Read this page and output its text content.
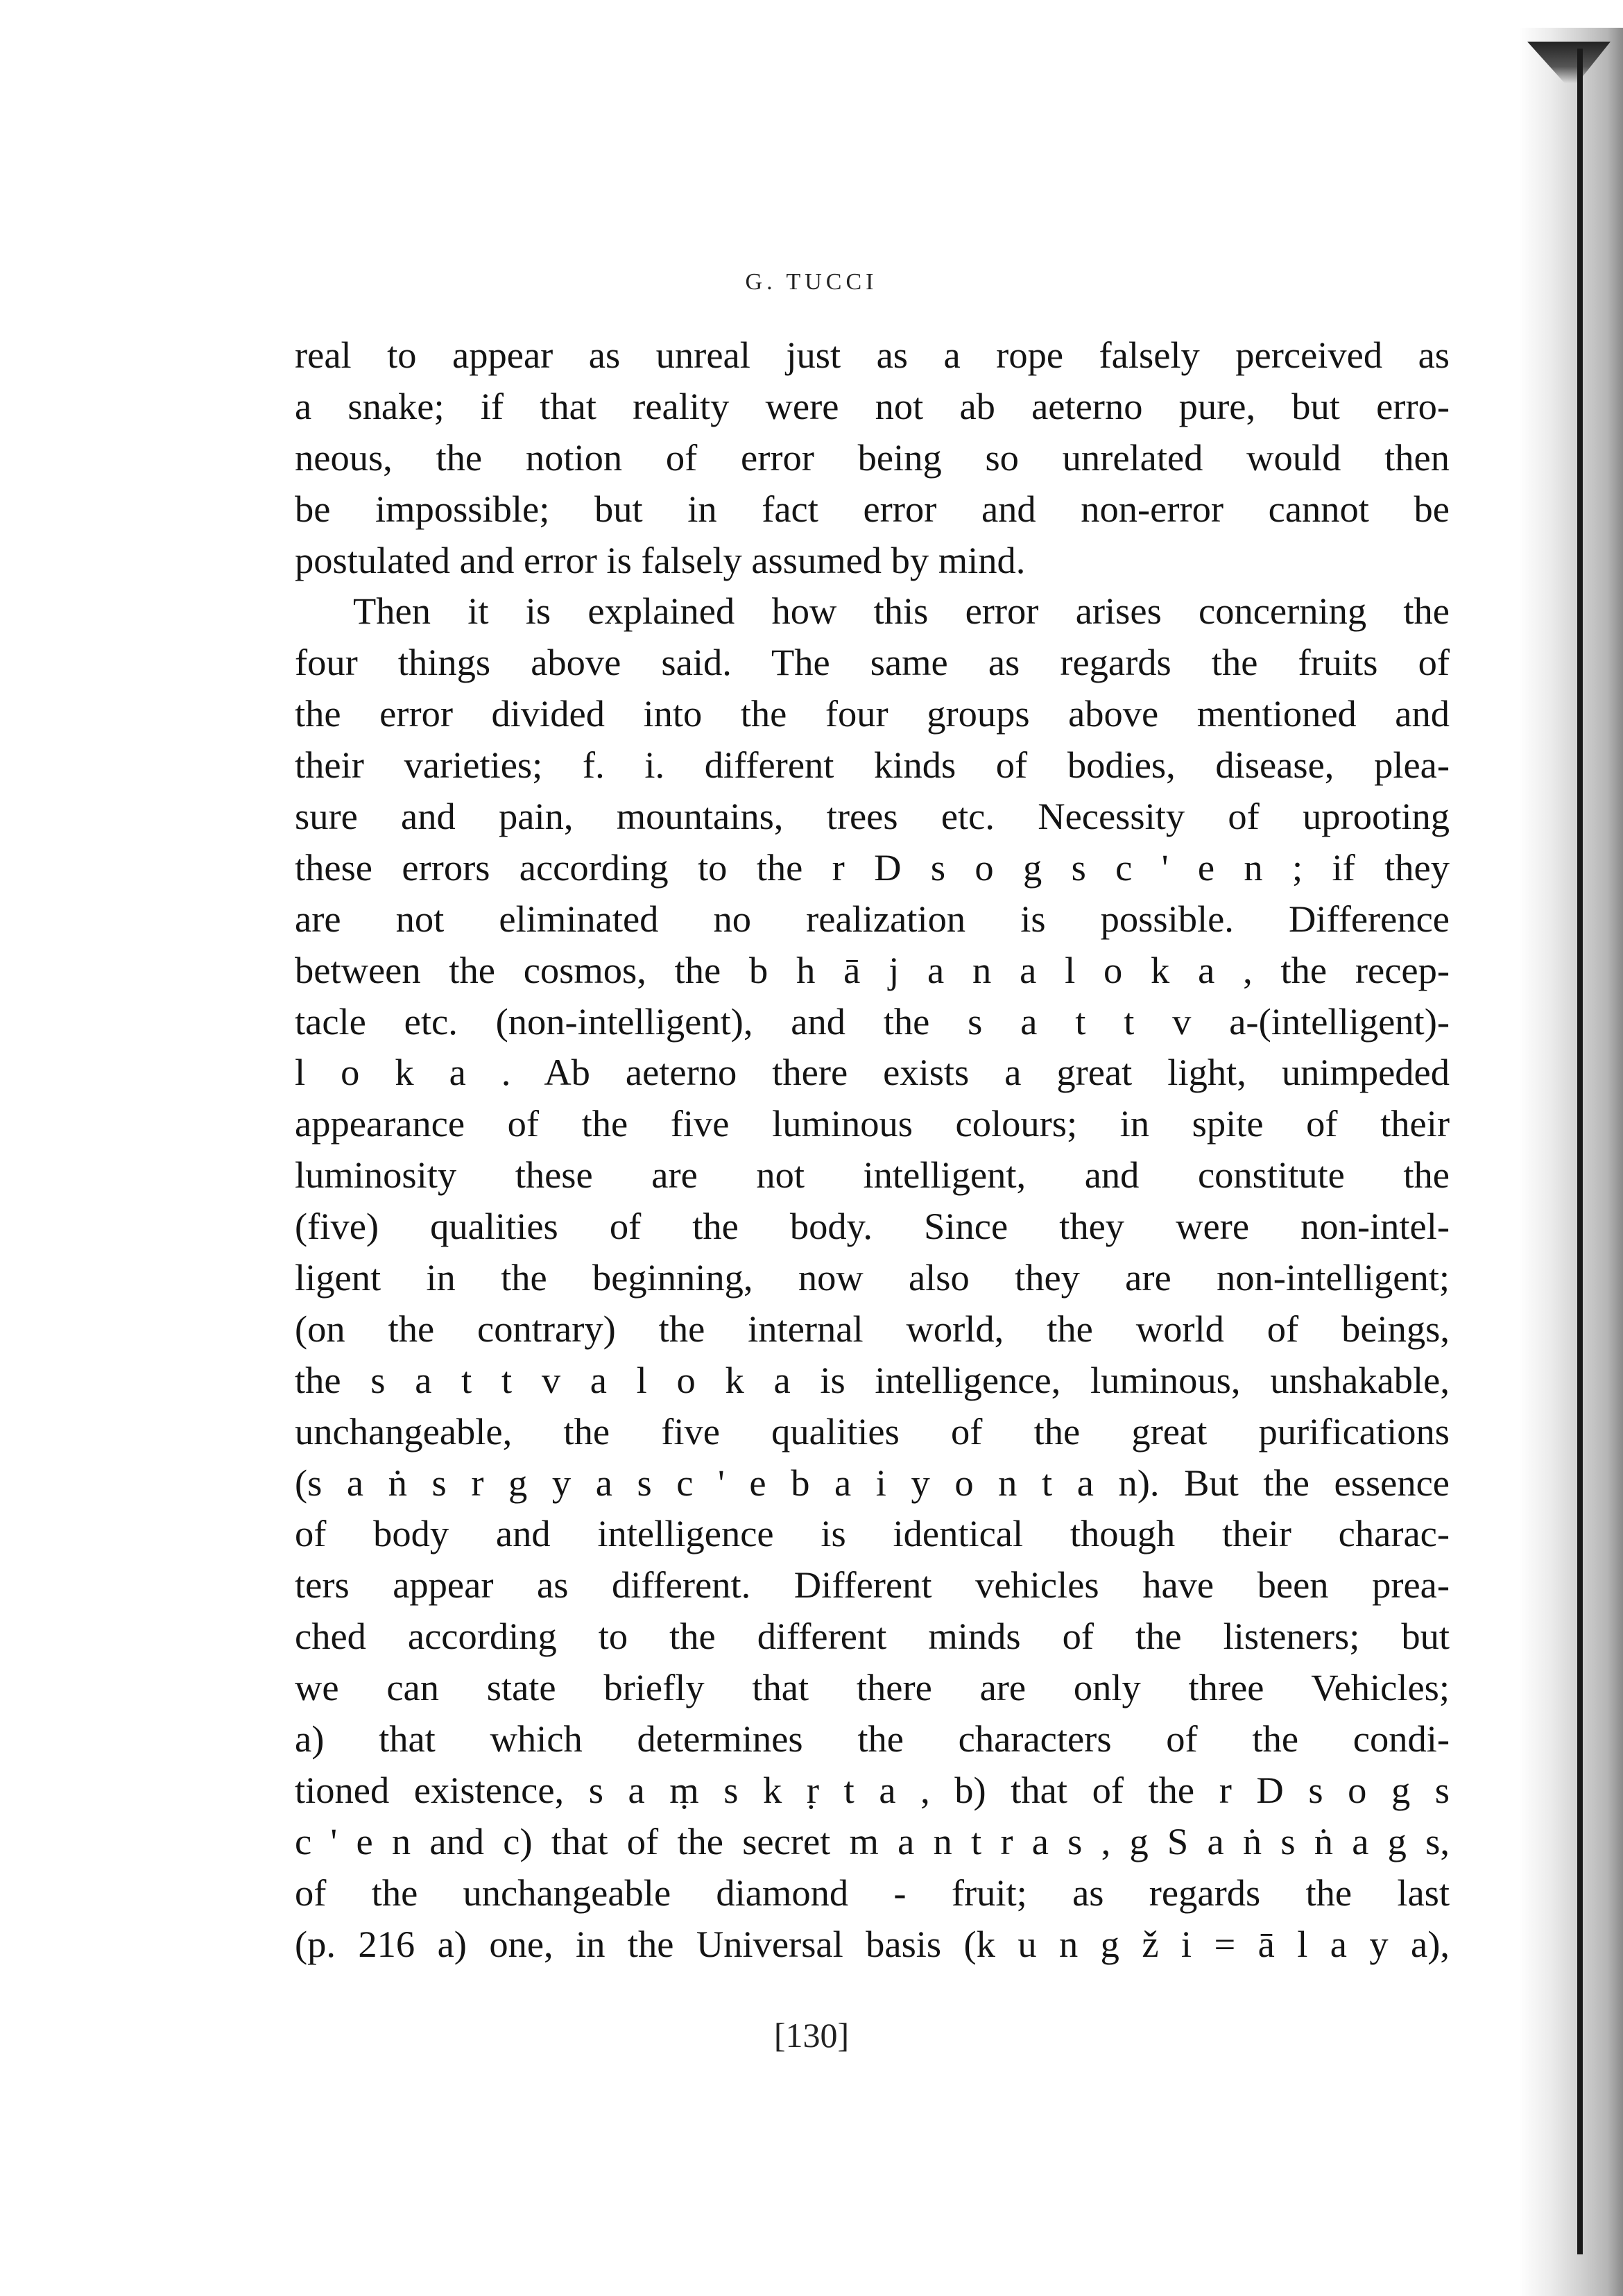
G. TUCCI
real to appear as unreal just as a rope falsely perceived as
a snake; if that reality were not ab aeterno pure, but erro-
neous, the notion of error being so unrelated would then
be impossible; but in fact error and non-error cannot be
postulated and error is falsely assumed by mind.
Then it is explained how this error arises concerning the
four things above said. The same as regards the fruits of
the error divided into the four groups above mentioned and
their varieties; f. i. different kinds of bodies, disease, plea-
sure and pain, mountains, trees etc. Necessity of uprooting
these errors according to the r D s o g s c ' e n ; if they
are not eliminated no realization is possible. Difference
between the cosmos, the b h ā j a n a l o k a , the recep-
tacle etc. (non-intelligent), and the s a t t v a-(intelligent)-
l o k a . Ab aeterno there exists a great light, unimpeded
appearance of the five luminous colours; in spite of their
luminosity these are not intelligent, and constitute the
(five) qualities of the body. Since they were non-intel-
ligent in the beginning, now also they are non-intelligent;
(on the contrary) the internal world, the world of beings,
the s a t t v a l o k a is intelligence, luminous, unshakable,
unchangeable, the five qualities of the great purifications
(s a ṅ s r g y a s c ' e b a i y o n t a n). But the essence
of body and intelligence is identical though their charac-
ters appear as different. Different vehicles have been prea-
ched according to the different minds of the listeners; but
we can state briefly that there are only three Vehicles;
a) that which determines the characters of the condi-
tioned existence, s a ṃ s k ṛ t a , b) that of the r D s o g s
c ' e n and c) that of the secret m a n t r a s , g S a ṅ s ṅ a g s,
of the unchangeable diamond - fruit; as regards the last
(p. 216 a) one, in the Universal basis (k u n g ž i = ā l a y a),
[130]
